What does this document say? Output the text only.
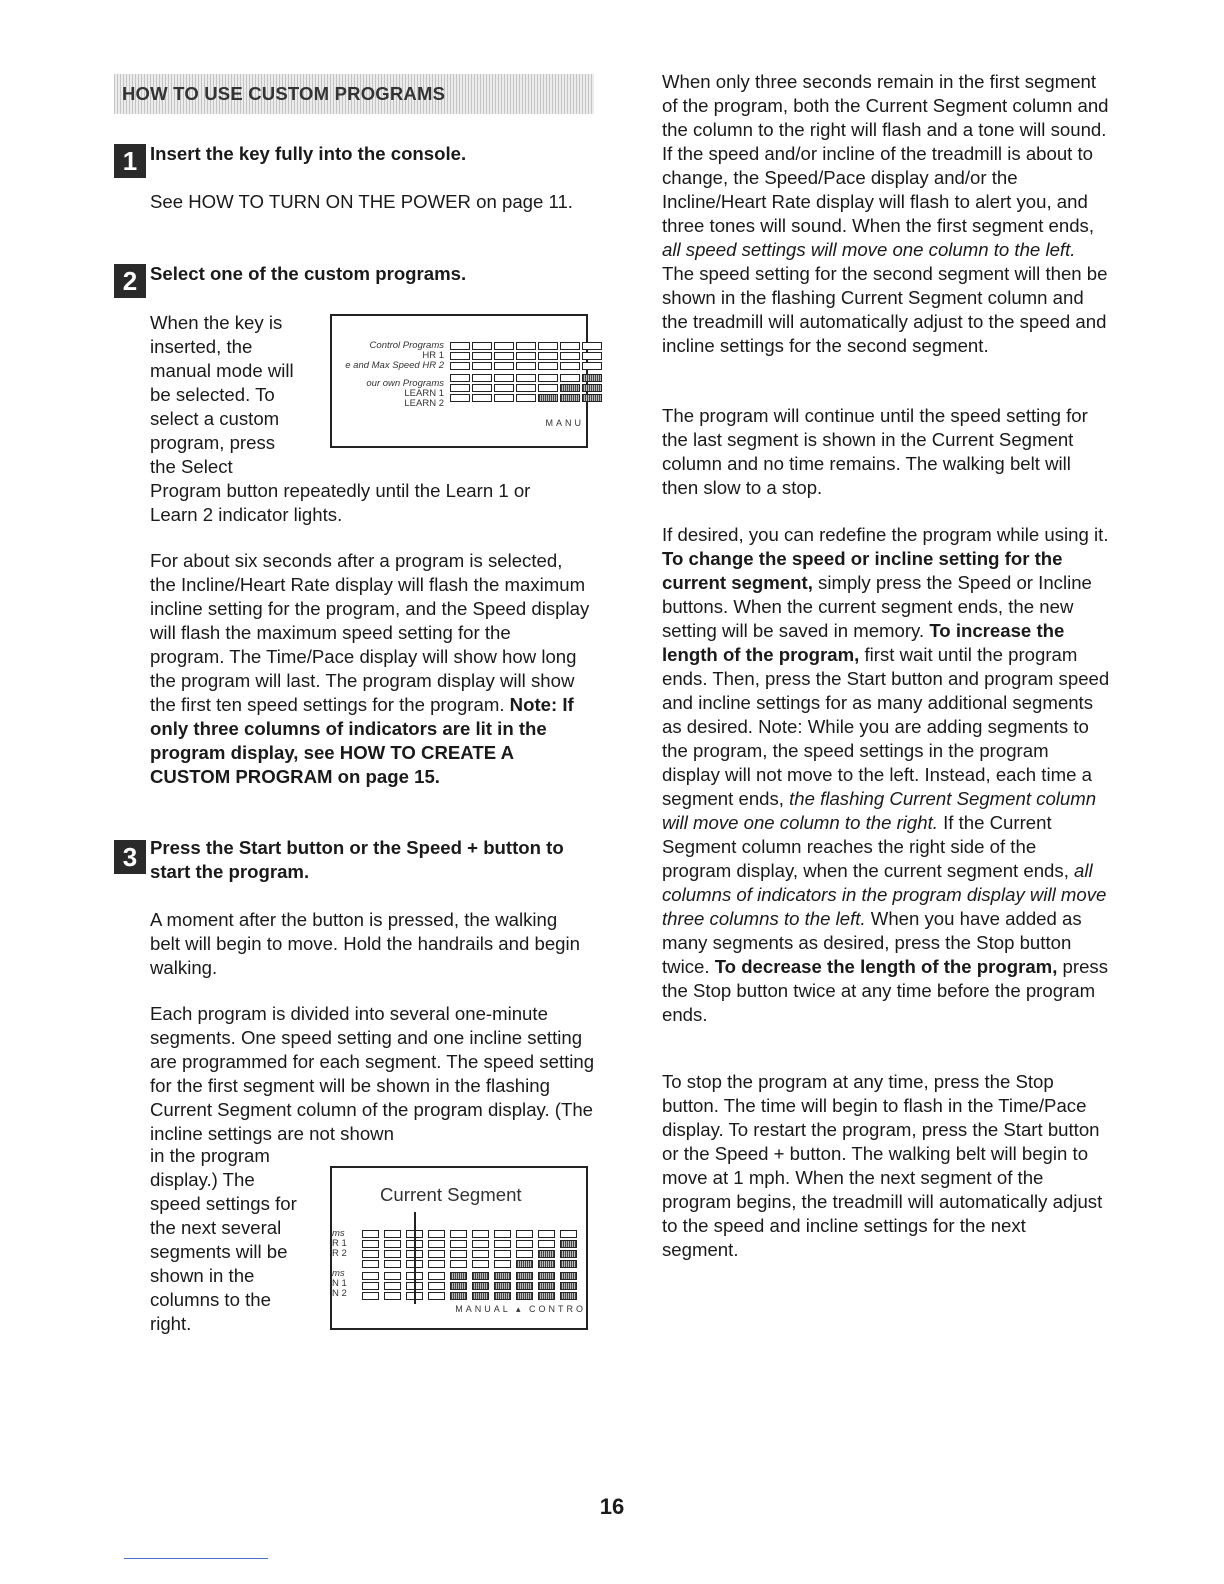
HOW TO USE CUSTOM PROGRAMS
1 Insert the key fully into the console.

See HOW TO TURN ON THE POWER on page 11.

2 Select one of the custom programs.

When the key is

inserted, the

manual mode will

be selected. To

select a custom

program, press

the Select

Program button repeatedly until the Learn 1 or

Learn 2 indicator lights.

Control Programs
HR 1
e and Max Speed HR 2
our own Programs
LEARN 1
LEARN 2
MANU

For about six seconds after a program is selected, the Incline/Heart Rate display will flash the maximum incline setting for the program, and the Speed display will flash the maximum speed setting for the program. The Time/Pace display will show how long the program will last. The program display will show the first ten speed settings for the program. Note: If only three columns of indicators are lit in the program display, see HOW TO CREATE A CUSTOM PROGRAM on page 15.

3 Press the Start button or the Speed + button to start the program.

A moment after the button is pressed, the walking belt will begin to move. Hold the handrails and begin walking.

Each program is divided into several one-minute segments. One speed setting and one incline setting are programmed for each segment. The speed setting for the first segment will be shown in the flashing Current Segment column of the program display. (The incline settings are not shown

in the program

display.) The

speed settings for

the next several

segments will be

shown in the

columns to the

right.

Current Segment
ms
R 1
R 2
ms
N 1
N 2
MANUAL ▴ CONTRO

When only three seconds remain in the first segment of the program, both the Current Segment column and the column to the right will flash and a tone will sound. If the speed and/or incline of the treadmill is about to change, the Speed/Pace display and/or the Incline/Heart Rate display will flash to alert you, and three tones will sound. When the first segment ends, all speed settings will move one column to the left. The speed setting for the second segment will then be shown in the flashing Current Segment column and the treadmill will automatically adjust to the speed and incline settings for the second segment.

The program will continue until the speed setting for the last segment is shown in the Current Segment column and no time remains. The walking belt will then slow to a stop.

If desired, you can redefine the program while using it. To change the speed or incline setting for the current segment, simply press the Speed or Incline buttons. When the current segment ends, the new setting will be saved in memory. To increase the length of the program, first wait until the program ends. Then, press the Start button and program speed and incline settings for as many additional segments as desired. Note: While you are adding segments to the program, the speed settings in the program display will not move to the left. Instead, each time a segment ends, the flashing Current Segment column will move one column to the right. If the Current Segment column reaches the right side of the program display, when the current segment ends, all columns of indicators in the program display will move three columns to the left. When you have added as many segments as desired, press the Stop button twice. To decrease the length of the program, press the Stop button twice at any time before the program ends.

To stop the program at any time, press the Stop button. The time will begin to flash in the Time/Pace display. To restart the program, press the Start button or the Speed + button. The walking belt will begin to move at 1 mph. When the next segment of the program begins, the treadmill will automatically adjust to the speed and incline settings for the next segment.

16
